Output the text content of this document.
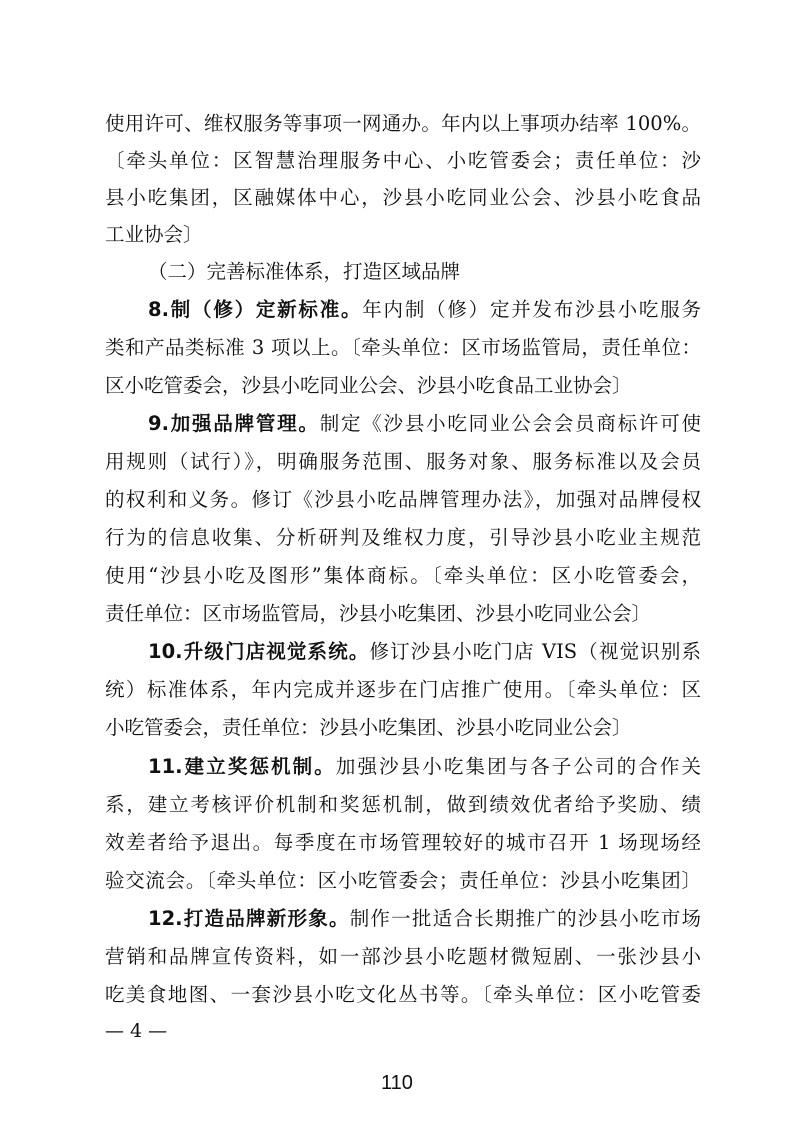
使用许可、维权服务等事项一网通办。年内以上事项办结率 100%。
〔牵头单位：区智慧治理服务中心、小吃管委会；责任单位：沙
县小吃集团，区融媒体中心，沙县小吃同业公会、沙县小吃食品
工业协会〕
（二）完善标准体系，打造区域品牌
8.制（修）定新标准。年内制（修）定并发布沙县小吃服务
类和产品类标准 3 项以上。〔牵头单位：区市场监管局，责任单位：
区小吃管委会，沙县小吃同业公会、沙县小吃食品工业协会〕
9.加强品牌管理。制定《沙县小吃同业公会会员商标许可使
用规则（试行）》，明确服务范围、服务对象、服务标准以及会员
的权利和义务。修订《沙县小吃品牌管理办法》，加强对品牌侵权
行为的信息收集、分析研判及维权力度，引导沙县小吃业主规范
使用“沙县小吃及图形”集体商标。〔牵头单位：区小吃管委会，
责任单位：区市场监管局，沙县小吃集团、沙县小吃同业公会〕
10.升级门店视觉系统。修订沙县小吃门店 VIS（视觉识别系
统）标准体系，年内完成并逐步在门店推广使用。〔牵头单位：区
小吃管委会，责任单位：沙县小吃集团、沙县小吃同业公会〕
11.建立奖惩机制。加强沙县小吃集团与各子公司的合作关
系，建立考核评价机制和奖惩机制，做到绩效优者给予奖励、绩
效差者给予退出。每季度在市场管理较好的城市召开 1 场现场经
验交流会。〔牵头单位：区小吃管委会；责任单位：沙县小吃集团〕
12.打造品牌新形象。制作一批适合长期推广的沙县小吃市场
营销和品牌宣传资料，如一部沙县小吃题材微短剧、一张沙县小
吃美食地图、一套沙县小吃文化丛书等。〔牵头单位：区小吃管委
— 4 —
110
